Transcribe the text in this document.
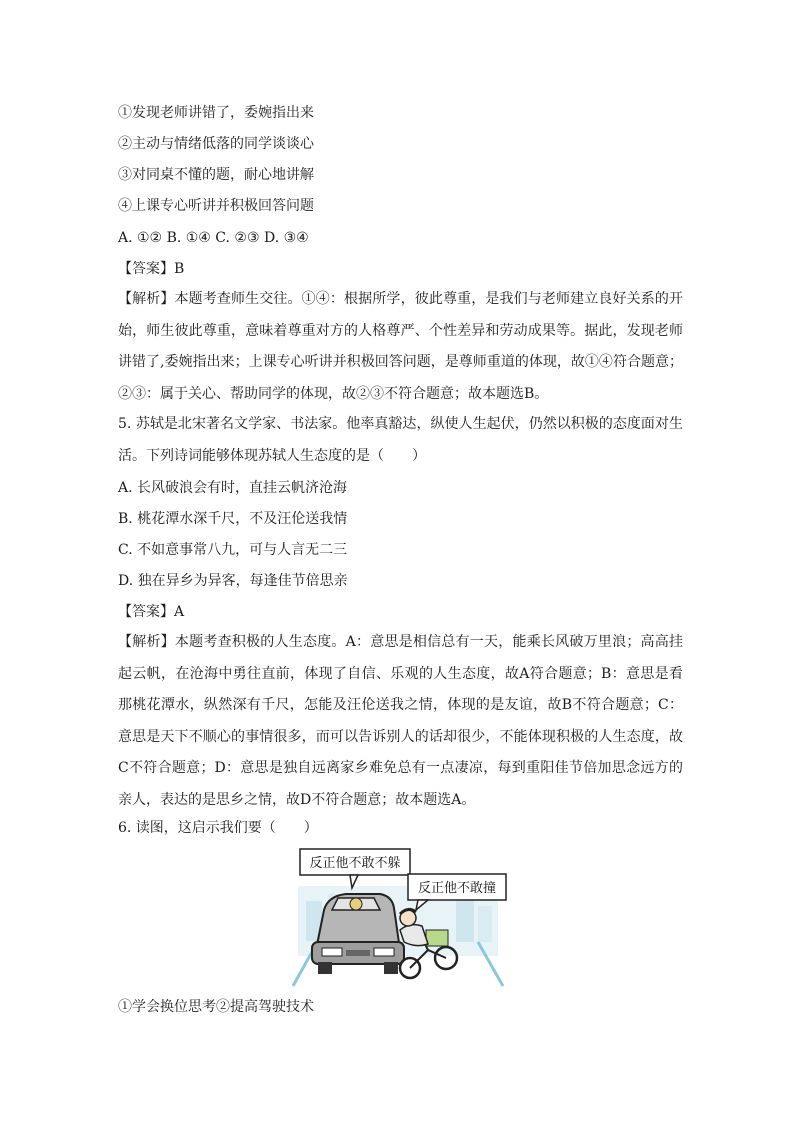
①发现老师讲错了，委婉指出来
②主动与情绪低落的同学谈谈心
③对同桌不懂的题，耐心地讲解
④上课专心听讲并积极回答问题
A. ①② B. ①④ C. ②③ D. ③④
【答案】B
【解析】本题考查师生交往。①④：根据所学，彼此尊重，是我们与老师建立良好关系的开始，师生彼此尊重，意味着尊重对方的人格尊严、个性差异和劳动成果等。据此，发现老师讲错了,委婉指出来；上课专心听讲并积极回答问题，是尊师重道的体现，故①④符合题意；②③：属于关心、帮助同学的体现，故②③不符合题意；故本题选B。
5. 苏轼是北宋著名文学家、书法家。他率真豁达，纵使人生起伏，仍然以积极的态度面对生活。下列诗词能够体现苏轼人生态度的是（　　）
A. 长风破浪会有时，直挂云帆济沧海
B. 桃花潭水深千尺，不及汪伦送我情
C. 不如意事常八九，可与人言无二三
D. 独在异乡为异客，每逢佳节倍思亲
【答案】A
【解析】本题考查积极的人生态度。A：意思是相信总有一天，能乘长风破万里浪；高高挂起云帆，在沧海中勇往直前，体现了自信、乐观的人生态度，故A符合题意；B：意思是看那桃花潭水，纵然深有千尺，怎能及汪伦送我之情，体现的是友谊，故B不符合题意；C：意思是天下不顺心的事情很多，而可以告诉别人的话却很少，不能体现积极的人生态度，故C不符合题意；D：意思是独自远离家乡难免总有一点凄凉，每到重阳佳节倍加思念远方的亲人，表达的是思乡之情，故D不符合题意；故本题选A。
6. 读图，这启示我们要（　　）
反正他不敢不躲
反正他不敢撞
①学会换位思考②提高驾驶技术
